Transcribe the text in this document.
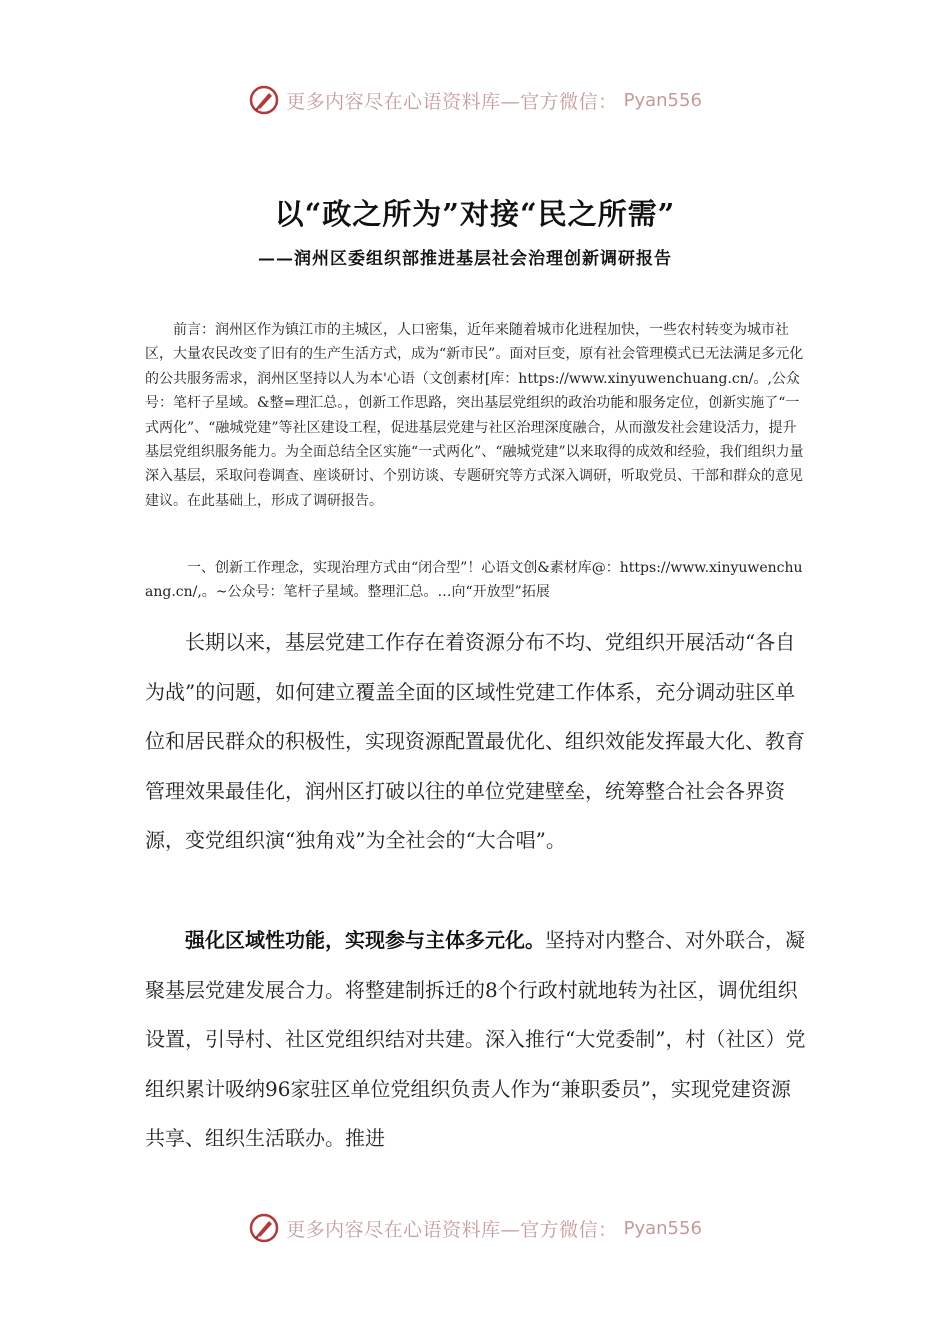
更多内容尽在心语资料库—官方微信： Pyan556
以“政之所为”对接“民之所需”
——润州区委组织部推进基层社会治理创新调研报告

前言：润州区作为镇江市的主城区，人口密集，近年来随着城市化进程加快，一些农村转变为城市社区，大量农民改变了旧有的生产生活方式，成为“新市民”。面对巨变，原有社会管理模式已无法满足多元化的公共服务需求，润州区坚持以人为本'心语（文创素材[库：https://www.xinyuwenchuang.cn/。,公众号：笔杆子星域。&整=理汇总。，创新工作思路，突出基层党组织的政治功能和服务定位，创新实施了“一式两化”、“融城党建”等社区建设工程，促进基层党建与社区治理深度融合，从而激发社会建设活力，提升基层党组织服务能力。为全面总结全区实施“一式两化”、“融城党建”以来取得的成效和经验，我们组织力量深入基层，采取问卷调查、座谈研讨、个别访谈、专题研究等方式深入调研，听取党员、干部和群众的意见建议。在此基础上，形成了调研报告。

一、创新工作理念，实现治理方式由“闭合型”！心语文创&素材库@：https://www.xinyuwenchuang.cn/,。~公众号：笔杆子星域。整理汇总。…向“开放型”拓展

长期以来，基层党建工作存在着资源分布不均、党组织开展活动“各自为战”的问题，如何建立覆盖全面的区域性党建工作体系，充分调动驻区单位和居民群众的积极性，实现资源配置最优化、组织效能发挥最大化、教育管理效果最佳化，润州区打破以往的单位党建壁垒，统筹整合社会各界资源，变党组织演“独角戏”为全社会的“大合唱”。

强化区域性功能，实现参与主体多元化。坚持对内整合、对外联合，凝聚基层党建发展合力。将整建制拆迁的8个行政村就地转为社区，调优组织设置，引导村、社区党组织结对共建。深入推行“大党委制”，村（社区）党组织累计吸纳96家驻区单位党组织负责人作为“兼职委员”，实现党建资源共享、组织生活联办。推进

更多内容尽在心语资料库—官方微信： Pyan556
